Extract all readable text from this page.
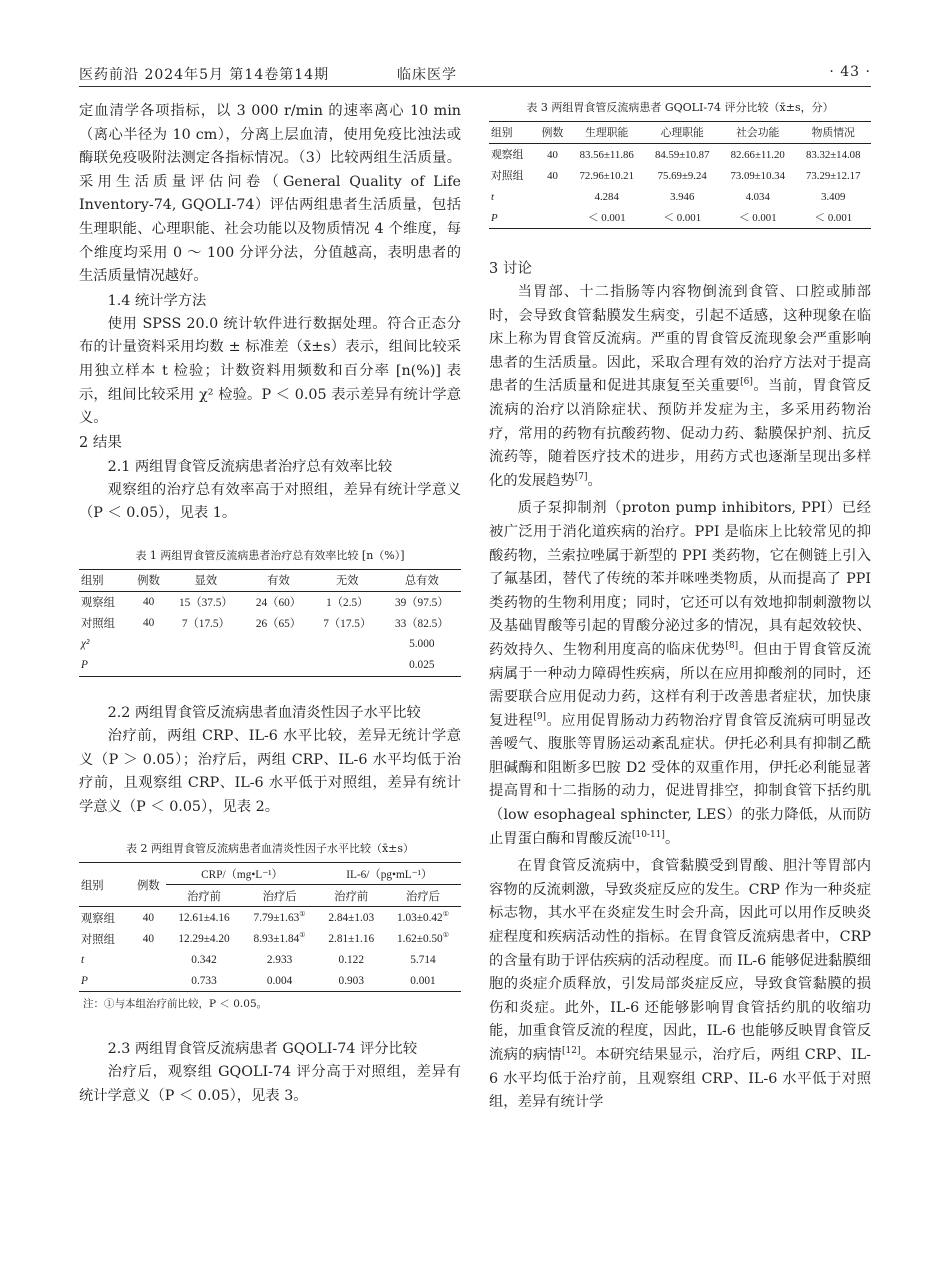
医药前沿 2024年5月 第14卷第14期	临床医学	· 43 ·

定血清学各项指标，以 3 000 r/min 的速率离心 10 min（离心半径为 10 cm），分离上层血清，使用免疫比浊法或酶联免疫吸附法测定各指标情况。（3）比较两组生活质量。采用生活质量评估问卷（General Quality of Life Inventory-74, GQOLI-74）评估两组患者生活质量，包括生理职能、心理职能、社会功能以及物质情况 4 个维度，每个维度均采用 0 ～ 100 分评分法，分值越高，表明患者的生活质量情况越好。

1.4 统计学方法

使用 SPSS 20.0 统计软件进行数据处理。符合正态分布的计量资料采用均数 ± 标准差（x̄±s）表示，组间比较采用独立样本 t 检验；计数资料用频数和百分率 [n(%)] 表示，组间比较采用 χ² 检验。P ＜ 0.05 表示差异有统计学意义。

2 结果

2.1 两组胃食管反流病患者治疗总有效率比较

观察组的治疗总有效率高于对照组，差异有统计学意义（P ＜ 0.05），见表 1。

表 1 两组胃食管反流病患者治疗总有效率比较 [n（%）]

组别	例数	显效	有效	无效	总有效
观察组	40	15（37.5）	24（60）	1（2.5）	39（97.5）
对照组	40	7（17.5）	26（65）	7（17.5）	33（82.5）
χ²					5.000
P					0.025

2.2 两组胃食管反流病患者血清炎性因子水平比较

治疗前，两组 CRP、IL-6 水平比较，差异无统计学意义（P ＞ 0.05）；治疗后，两组 CRP、IL-6 水平均低于治疗前，且观察组 CRP、IL-6 水平低于对照组，差异有统计学意义（P ＜ 0.05），见表 2。

表 2 两组胃食管反流病患者血清炎性因子水平比较（x̄±s）

组别	例数	CRP/（mg•L⁻¹）		IL-6/（pg•mL⁻¹）	
		治疗前	治疗后	治疗前	治疗后
观察组	40	12.61±4.16	7.79±1.63①	2.84±1.03	1.03±0.42①
对照组	40	12.29±4.20	8.93±1.84①	2.81±1.16	1.62±0.50①
t		0.342	2.933	0.122	5.714
P		0.733	0.004	0.903	0.001

注：①与本组治疗前比较，P ＜ 0.05。

2.3 两组胃食管反流病患者 GQOLI-74 评分比较

治疗后，观察组 GQOLI-74 评分高于对照组，差异有统计学意义（P ＜ 0.05），见表 3。

表 3 两组胃食管反流病患者 GQOLI-74 评分比较（x̄±s，分）

组别	例数	生理职能	心理职能	社会功能	物质情况
观察组	40	83.56±11.86	84.59±10.87	82.66±11.20	83.32±14.08
对照组	40	72.96±10.21	75.69±9.24	73.09±10.34	73.29±12.17
t		4.284	3.946	4.034	3.409
P		＜ 0.001	＜ 0.001	＜ 0.001	＜ 0.001

3 讨论

当胃部、十二指肠等内容物倒流到食管、口腔或肺部时，会导致食管黏膜发生病变，引起不适感，这种现象在临床上称为胃食管反流病。严重的胃食管反流现象会严重影响患者的生活质量。因此，采取合理有效的治疗方法对于提高患者的生活质量和促进其康复至关重要[6]。当前，胃食管反流病的治疗以消除症状、预防并发症为主，多采用药物治疗，常用的药物有抗酸药物、促动力药、黏膜保护剂、抗反流药等，随着医疗技术的进步，用药方式也逐渐呈现出多样化的发展趋势[7]。

质子泵抑制剂（proton pump inhibitors, PPI）已经被广泛用于消化道疾病的治疗。PPI 是临床上比较常见的抑酸药物，兰索拉唑属于新型的 PPI 类药物，它在侧链上引入了氟基团，替代了传统的苯并咪唑类物质，从而提高了 PPI 类药物的生物利用度；同时，它还可以有效地抑制刺激物以及基础胃酸等引起的胃酸分泌过多的情况，具有起效较快、药效持久、生物利用度高的临床优势[8]。但由于胃食管反流病属于一种动力障碍性疾病，所以在应用抑酸剂的同时，还需要联合应用促动力药，这样有利于改善患者症状，加快康复进程[9]。应用促胃肠动力药物治疗胃食管反流病可明显改善嗳气、腹胀等胃肠运动紊乱症状。伊托必利具有抑制乙酰胆碱酶和阻断多巴胺 D2 受体的双重作用，伊托必利能显著提高胃和十二指肠的动力，促进胃排空，抑制食管下括约肌（low esophageal sphincter, LES）的张力降低，从而防止胃蛋白酶和胃酸反流[10-11]。

在胃食管反流病中，食管黏膜受到胃酸、胆汁等胃部内容物的反流刺激，导致炎症反应的发生。CRP 作为一种炎症标志物，其水平在炎症发生时会升高，因此可以用作反映炎症程度和疾病活动性的指标。在胃食管反流病患者中，CRP 的含量有助于评估疾病的活动程度。而 IL-6 能够促进黏膜细胞的炎症介质释放，引发局部炎症反应，导致食管黏膜的损伤和炎症。此外，IL-6 还能够影响胃食管括约肌的收缩功能，加重食管反流的程度，因此，IL-6 也能够反映胃食管反流病的病情[12]。本研究结果显示，治疗后，两组 CRP、IL-6 水平均低于治疗前，且观察组 CRP、IL-6 水平低于对照组，差异有统计学
